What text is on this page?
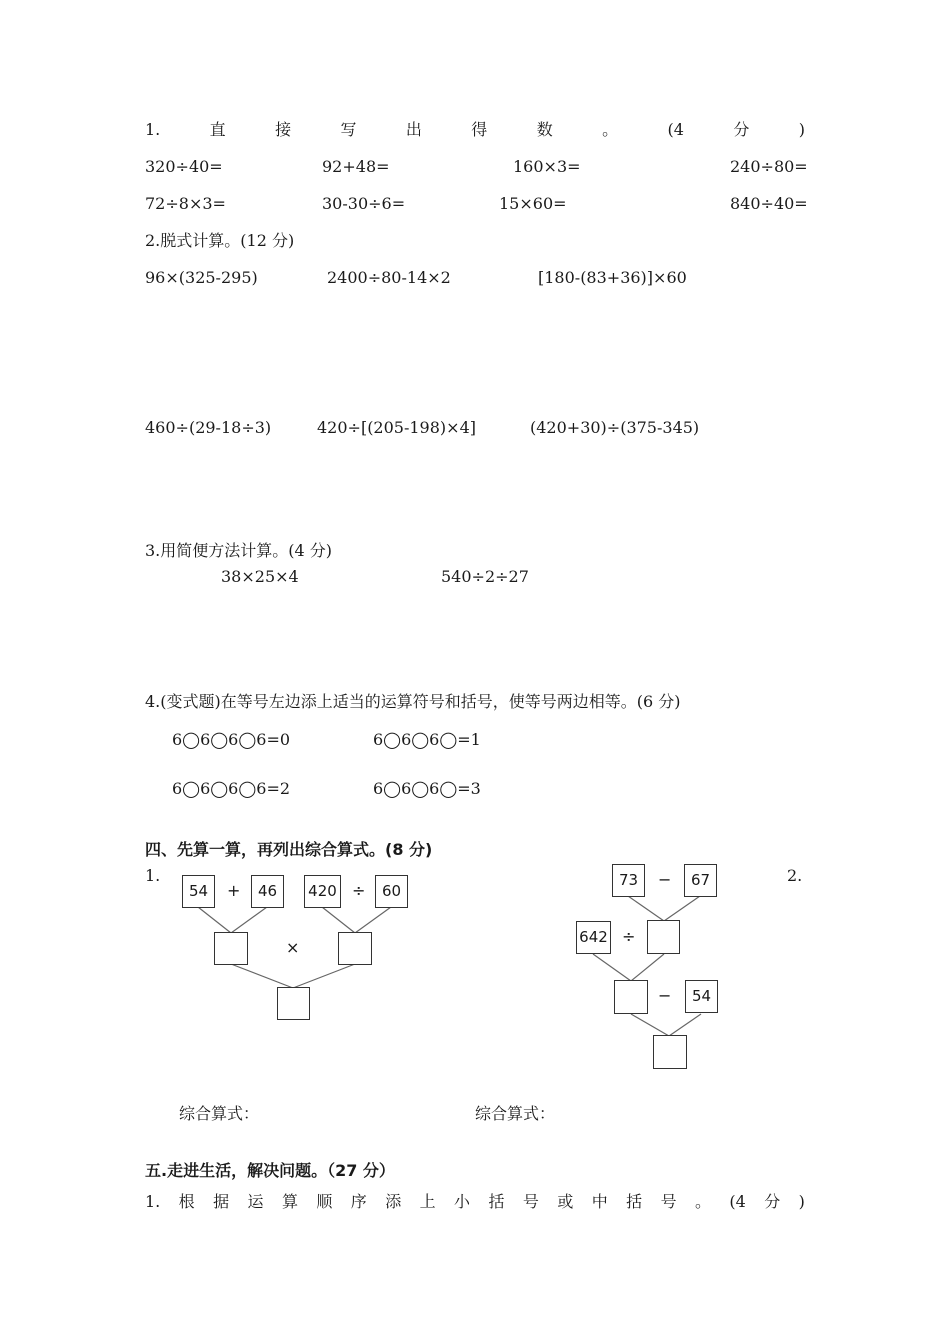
1.	直	接	写	出	得	数	。	(4	分	)
320÷40=	92+48=	160×3=	240÷80=
72÷8×3=	30-30÷6=	15×60=	840÷40=
2.脱式计算。(12 分)
96×(325-295)	2400÷80-14×2	[180-(83+36)]×60
460÷(29-18÷3)	420÷[(205-198)×4]	(420+30)÷(375-345)
3.用简便方法计算。(4 分)
38×25×4	540÷2÷27
4.(变式题)在等号左边添上适当的运算符号和括号，使等号两边相等。(6 分)
6◯6◯6◯6=0	6◯6◯6◯=1
6◯6◯6◯6=2	6◯6◯6◯=3
四、先算一算，再列出综合算式。(8 分)
1.	2.
54	+	46	420 ÷	60
×
73	−	67
642 ÷
−	54
综合算式：	综合算式：
五.走进生活，解决问题。（27 分）
1. 根 据 运 算 顺 序 添 上 小 括 号 或 中 括 号 。 (4 分 )
